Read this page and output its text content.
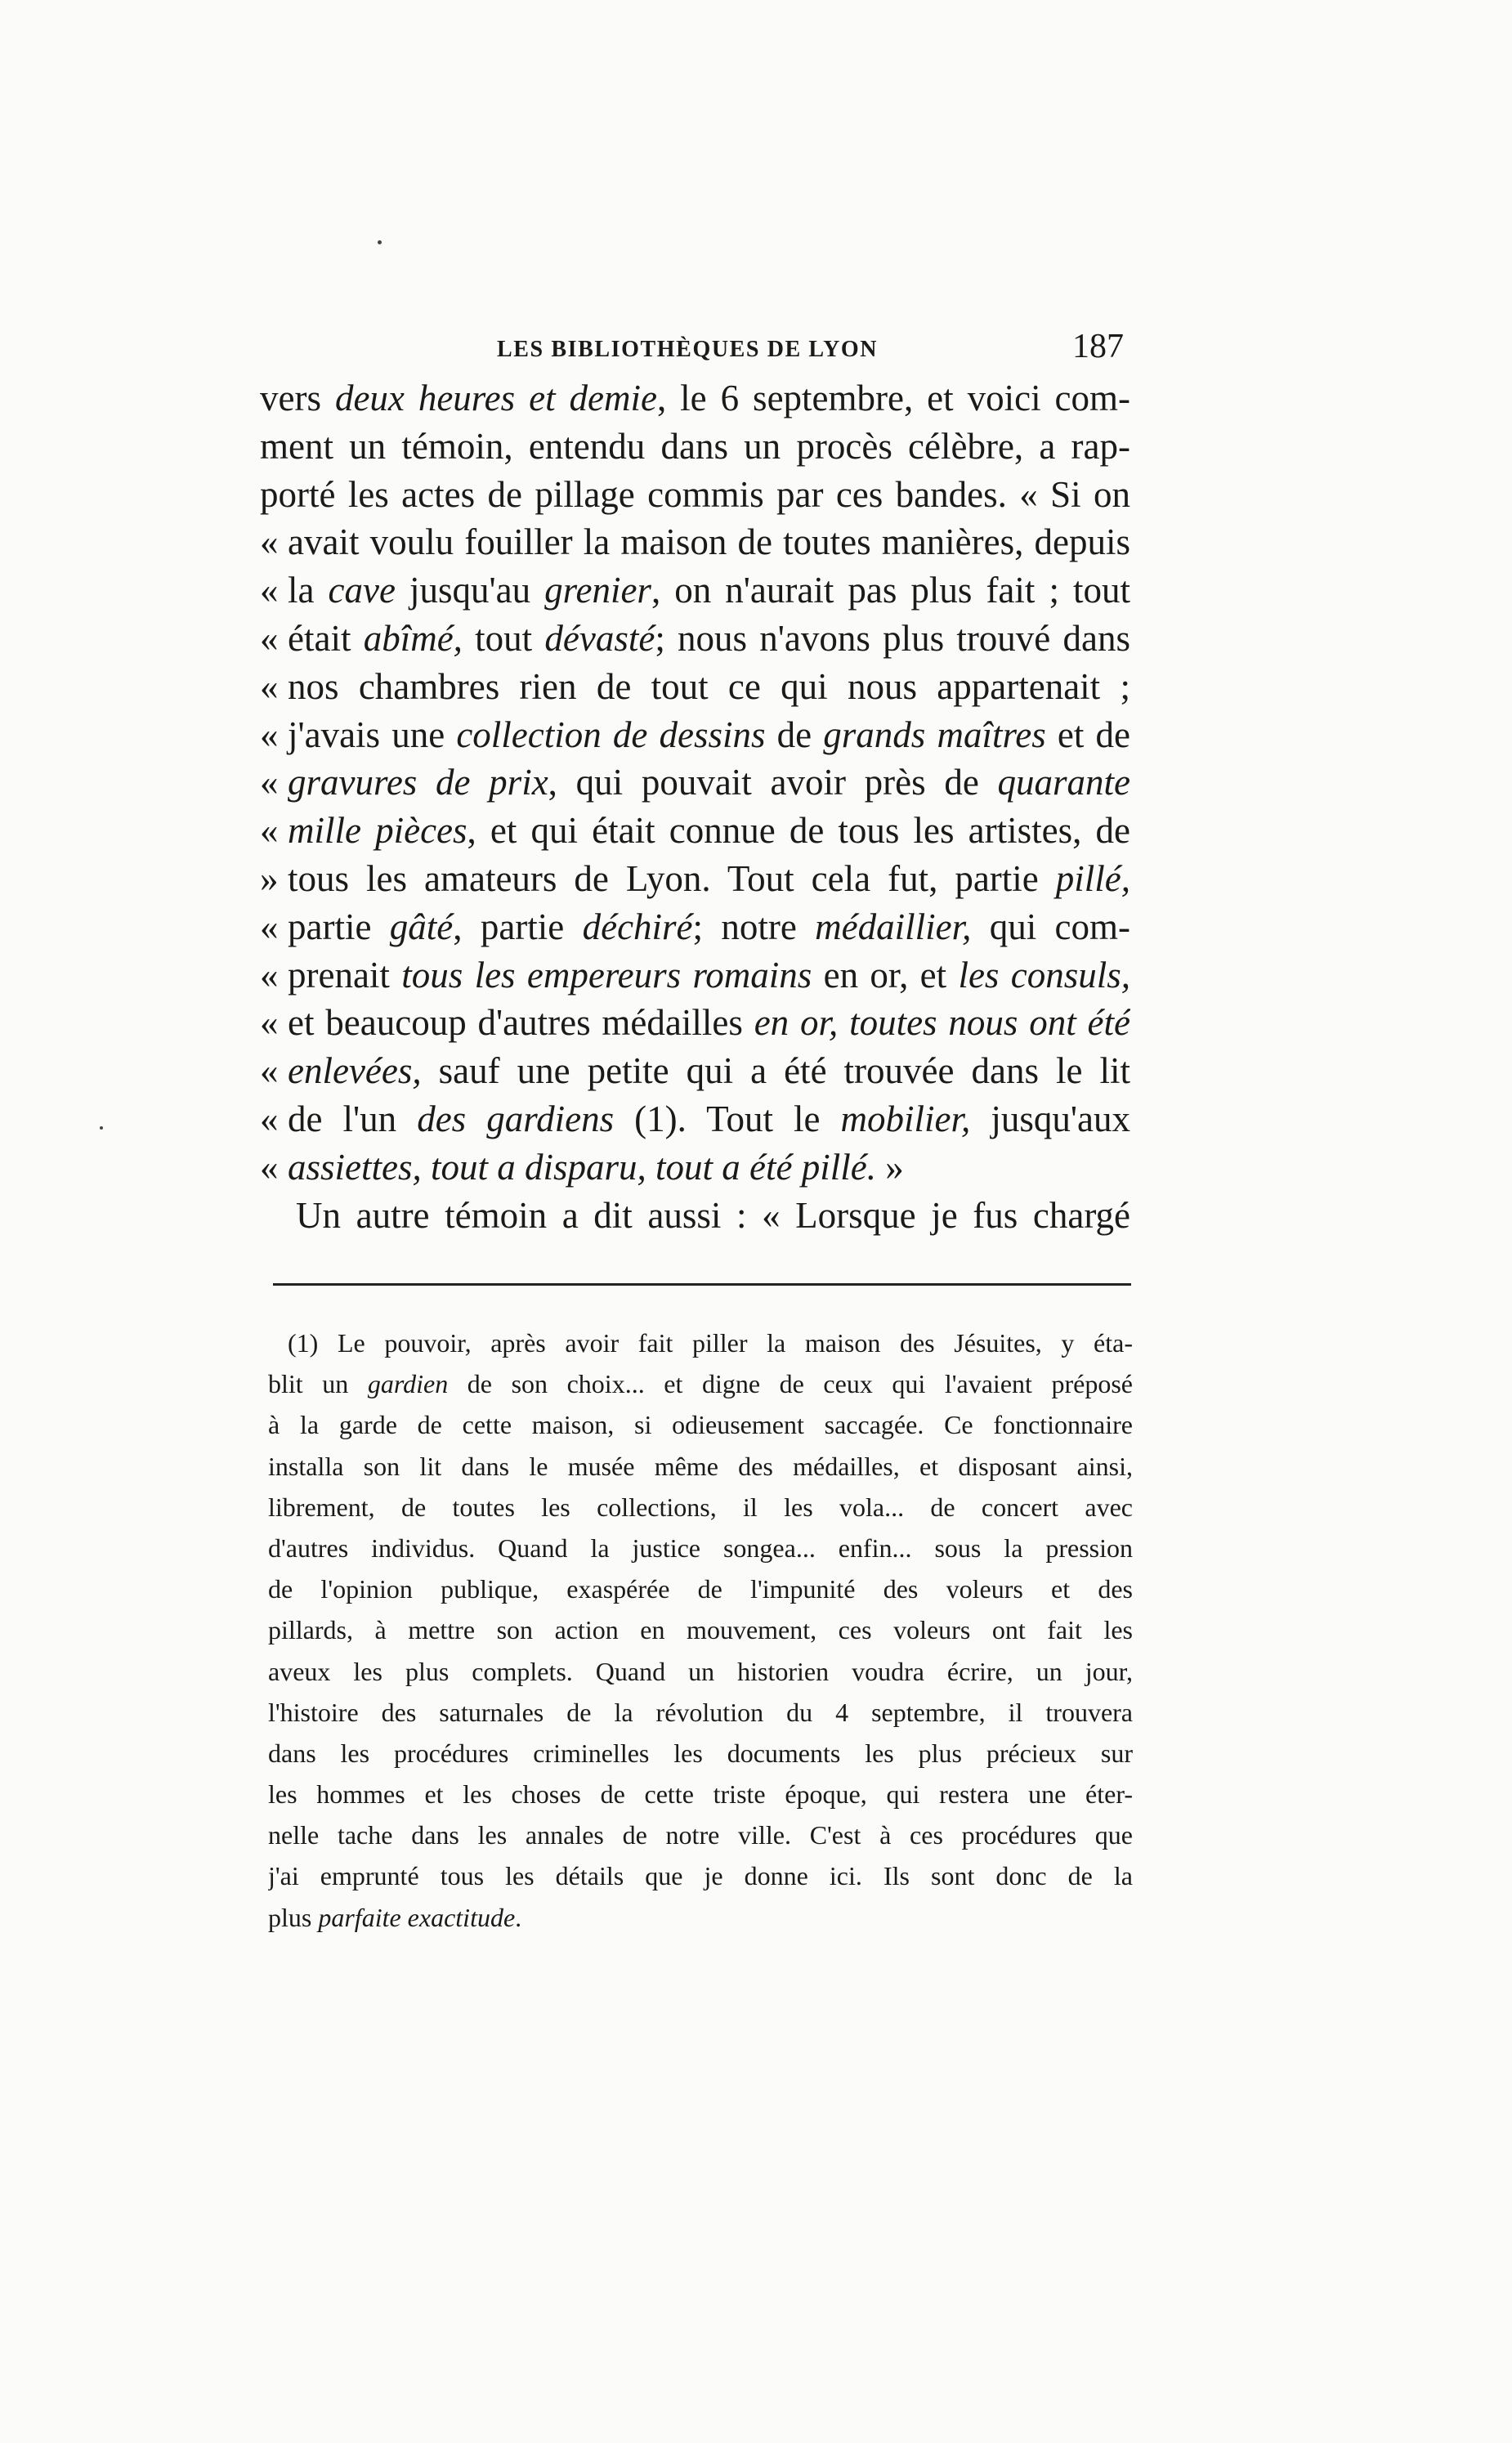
LES BIBLIOTHÈQUES DE LYON	187
vers deux heures et demie, le 6 septembre, et voici com-
ment un témoin, entendu dans un procès célèbre, a rap-
porté les actes de pillage commis par ces bandes. « Si on
« avait voulu fouiller la maison de toutes manières, depuis
« la cave jusqu'au grenier, on n'aurait pas plus fait ; tout
« était abîmé, tout dévasté; nous n'avons plus trouvé dans
« nos chambres rien de tout ce qui nous appartenait ;
« j'avais une collection de dessins de grands maîtres et de
« gravures de prix, qui pouvait avoir près de quarante
« mille pièces, et qui était connue de tous les artistes, de
» tous les amateurs de Lyon. Tout cela fut, partie pillé,
« partie gâté, partie déchiré; notre médaillier, qui com-
« prenait tous les empereurs romains en or, et les consuls,
« et beaucoup d'autres médailles en or, toutes nous ont été
« enlevées, sauf une petite qui a été trouvée dans le lit
« de l'un des gardiens (1). Tout le mobilier, jusqu'aux
« assiettes, tout a disparu, tout a été pillé. »
Un autre témoin a dit aussi : « Lorsque je fus chargé
(1) Le pouvoir, après avoir fait piller la maison des Jésuites, y éta-
blit un gardien de son choix... et digne de ceux qui l'avaient préposé
à la garde de cette maison, si odieusement saccagée. Ce fonctionnaire
installa son lit dans le musée même des médailles, et disposant ainsi,
librement, de toutes les collections, il les vola... de concert avec
d'autres individus. Quand la justice songea... enfin... sous la pression
de l'opinion publique, exaspérée de l'impunité des voleurs et des
pillards, à mettre son action en mouvement, ces voleurs ont fait les
aveux les plus complets. Quand un historien voudra écrire, un jour,
l'histoire des saturnales de la révolution du 4 septembre, il trouvera
dans les procédures criminelles les documents les plus précieux sur
les hommes et les choses de cette triste époque, qui restera une éter-
nelle tache dans les annales de notre ville. C'est à ces procédures que
j'ai emprunté tous les détails que je donne ici. Ils sont donc de la
plus parfaite exactitude.
